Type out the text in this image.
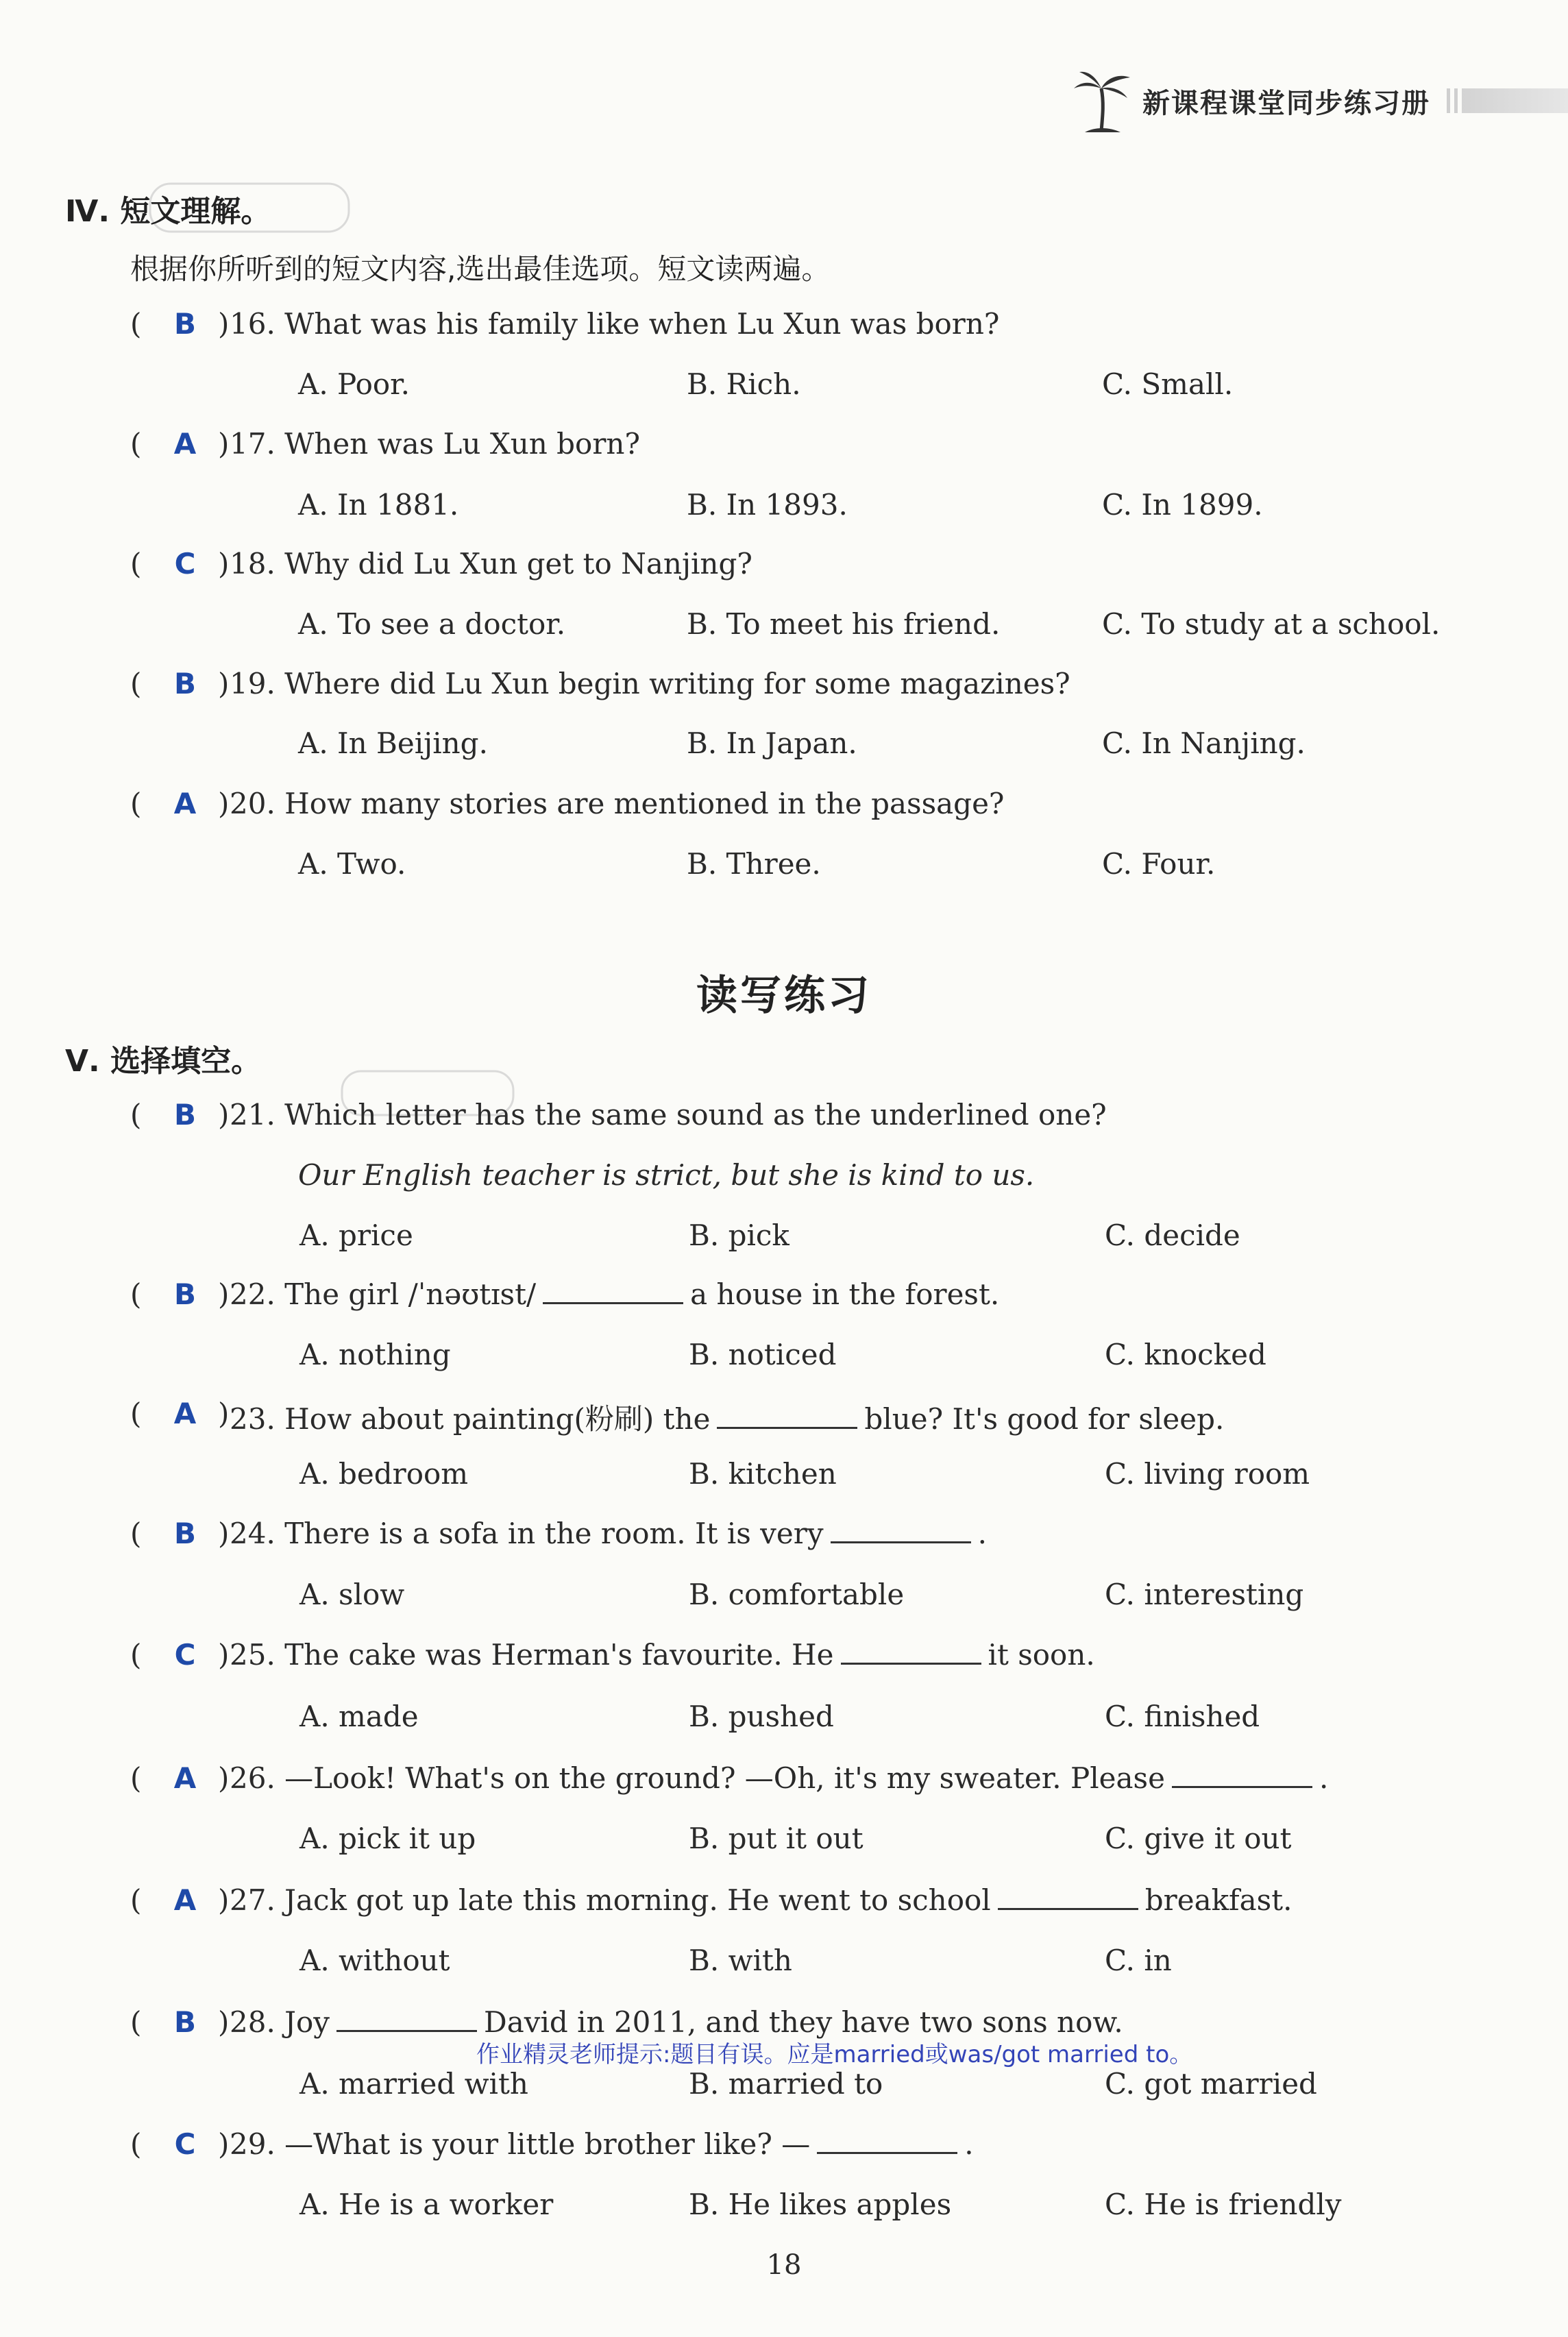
新课程课堂同步练习册
Ⅳ. 短文理解。
根据你所听到的短文内容,选出最佳选项。短文读两遍。
(	B ) 16. What was his family like when Lu Xun was born?
A. Poor.	B. Rich.	C. Small.
(	A ) 17. When was Lu Xun born?
A. In 1881.	B. In 1893.	C. In 1899.
(	C ) 18. Why did Lu Xun get to Nanjing?
A. To see a doctor.	B. To meet his friend.	C. To study at a school.
(	B ) 19. Where did Lu Xun begin writing for some magazines?
A. In Beijing.	B. In Japan.	C. In Nanjing.
(	A ) 20. How many stories are mentioned in the passage?
A. Two.	B. Three.	C. Four.
读写练习
Ⅴ. 选择填空。
(	B ) 21. Which letter has the same sound as the underlined one?
Our English teacher is strict, but she is kind to us.
A. price	B. pick	C. decide
(	B ) 22. The girl /ˈnəʊtɪst/	a house in the forest.
A. nothing	B. noticed	C. knocked
(	A ) 23. How about painting(粉刷) the	blue? It's good for sleep.
A. bedroom	B. kitchen	C. living room
(	B ) 24. There is a sofa in the room. It is very	.
A. slow	B. comfortable	C. interesting
(	C ) 25. The cake was Herman's favourite. He	it soon.
A. made	B. pushed	C. finished
(	A ) 26. —Look! What's on the ground? —Oh, it's my sweater. Please	.
A. pick it up	B. put it out	C. give it out
(	A ) 27. Jack got up late this morning. He went to school	breakfast.
A. without	B. with	C. in
(	B ) 28. Joy	David in 2011, and they have two sons now.
作业精灵老师提示:题目有误。应是married或was/got married to。
A. married with	B. married to	C. got married
(	C ) 29. —What is your little brother like? —	.
A. He is a worker	B. He likes apples	C. He is friendly
18
